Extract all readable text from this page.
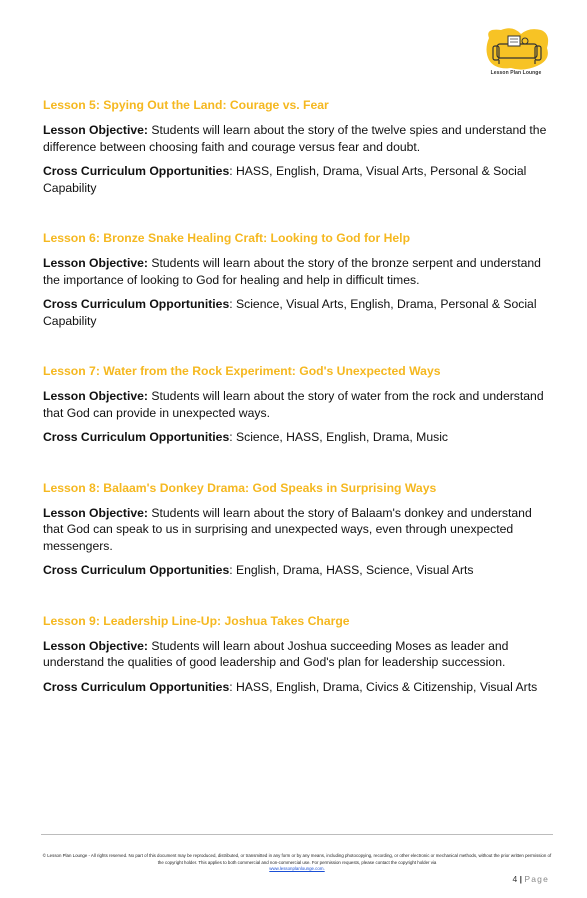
Lesson Plan Lounge
Lesson 5: Spying Out the Land: Courage vs. Fear

Lesson Objective: Students will learn about the story of the twelve spies and understand the difference between choosing faith and courage versus fear and doubt.

Cross Curriculum Opportunities: HASS, English, Drama, Visual Arts, Personal & Social Capability

Lesson 6: Bronze Snake Healing Craft: Looking to God for Help

Lesson Objective: Students will learn about the story of the bronze serpent and understand the importance of looking to God for healing and help in difficult times.

Cross Curriculum Opportunities: Science, Visual Arts, English, Drama, Personal & Social Capability

Lesson 7: Water from the Rock Experiment: God's Unexpected Ways

Lesson Objective: Students will learn about the story of water from the rock and understand that God can provide in unexpected ways.

Cross Curriculum Opportunities: Science, HASS, English, Drama, Music

Lesson 8: Balaam's Donkey Drama: God Speaks in Surprising Ways

Lesson Objective: Students will learn about the story of Balaam's donkey and understand that God can speak to us in surprising and unexpected ways, even through unexpected messengers.

Cross Curriculum Opportunities: English, Drama, HASS, Science, Visual Arts

Lesson 9: Leadership Line-Up: Joshua Takes Charge

Lesson Objective: Students will learn about Joshua succeeding Moses as leader and understand the qualities of good leadership and God's plan for leadership succession.

Cross Curriculum Opportunities: HASS, English, Drama, Civics & Citizenship, Visual Arts

© Lesson Plan Lounge - All rights reserved. No part of this document may be reproduced, distributed, or transmitted in any form or by any means, including photocopying, recording, or other electronic or mechanical methods, without the prior written permission of the copyright holder. This applies to both commercial and non-commercial use. For permission requests, please contact the copyright holder via
www.lessonplanlounge.com.
4 | Page
